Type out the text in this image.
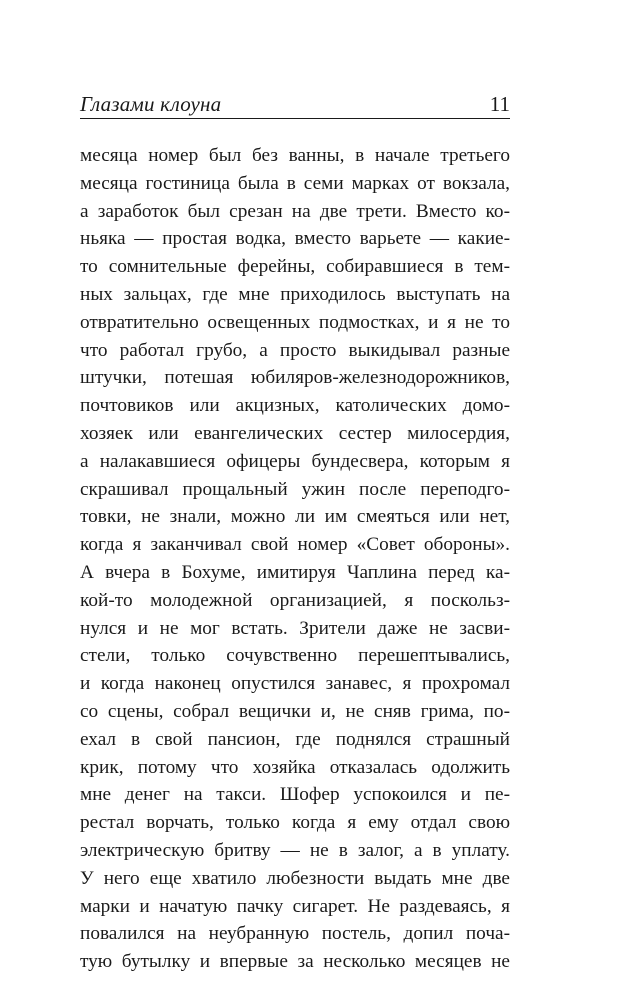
Глазами клоуна	11
месяца номер был без ванны, в начале третьего
месяца гостиница была в семи марках от вокзала,
а заработок был срезан на две трети. Вместо ко-
ньяка — простая водка, вместо варьете — какие-
то сомнительные ферейны, собиравшиеся в тем-
ных зальцах, где мне приходилось выступать на
отвратительно освещенных подмостках, и я не то
что работал грубо, а просто выкидывал разные
штучки, потешая юбиляров-железнодорожников,
почтовиков или акцизных, католических домо-
хозяек или евангелических сестер милосердия,
а налакавшиеся офицеры бундесвера, которым я
скрашивал прощальный ужин после переподго-
товки, не знали, можно ли им смеяться или нет,
когда я заканчивал свой номер «Совет обороны».
А вчера в Бохуме, имитируя Чаплина перед ка-
кой-то молодежной организацией, я поскольз-
нулся и не мог встать. Зрители даже не засви-
стели, только сочувственно перешептывались,
и когда наконец опустился занавес, я прохромал
со сцены, собрал вещички и, не сняв грима, по-
ехал в свой пансион, где поднялся страшный
крик, потому что хозяйка отказалась одолжить
мне денег на такси. Шофер успокоился и пе-
рестал ворчать, только когда я ему отдал свою
электрическую бритву — не в залог, а в уплату.
У него еще хватило любезности выдать мне две
марки и начатую пачку сигарет. Не раздеваясь, я
повалился на неубранную постель, допил почa-
тую бутылку и впервые за несколько месяцев не
